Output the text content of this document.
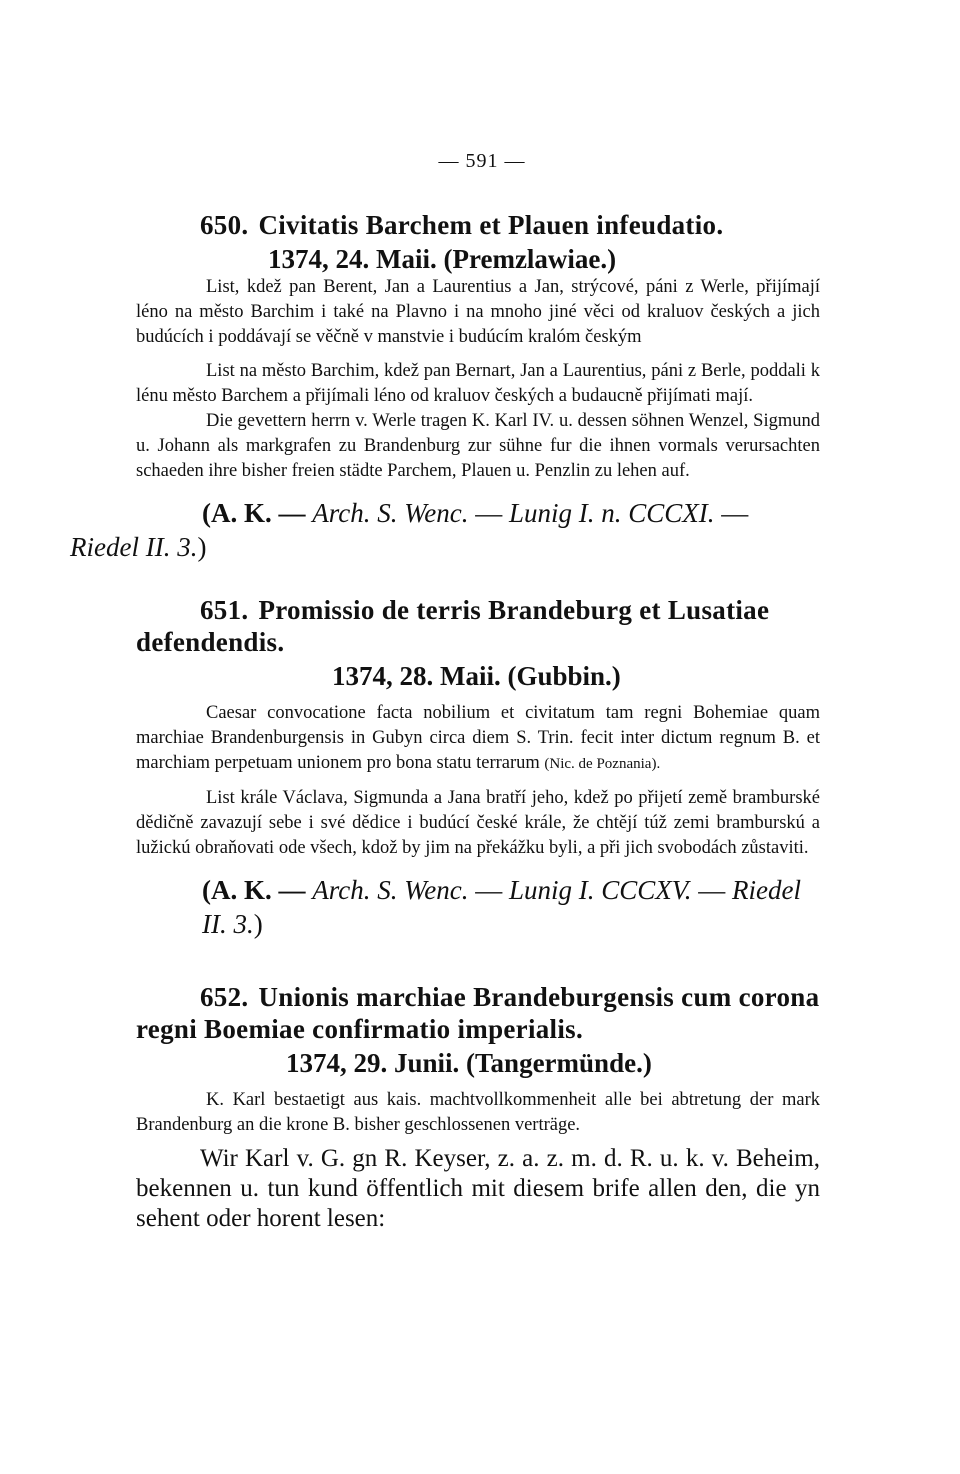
— 591 —
650. Civitatis Barchem et Plauen infeudatio.
1374, 24. Maii. (Premzlawiae.)

List, kdež pan Berent, Jan a Laurentius a Jan, strýcové, páni z Werle, přijímají léno na město Barchim i také na Plavno i na mnoho jiné věci od kraluov českých a jich budúcích i poddávají se věčně v manstvie i budúcím kralóm českým

List na město Barchim, kdež pan Bernart, Jan a Laurentius, páni z Berle, poddali k lénu město Barchem a přijímali léno od kraluov českých a budaucně přijímati mají.

Die gevettern herrn v. Werle tragen K. Karl IV. u. dessen söhnen Wenzel, Sigmund u. Johann als markgrafen zu Brandenburg zur sühne fur die ihnen vormals verursachten schaeden ihre bisher freien städte Parchem, Plauen u. Penzlin zu lehen auf.

(A. K. — Arch. S. Wenc. — Lunig I. n. CCCXI. —
Riedel II. 3.)
651. Promissio de terris Brandeburg et Lusatiae defendendis.
1374, 28. Maii. (Gubbin.)

Caesar convocatione facta nobilium et civitatum tam regni Bohemiae quam marchiae Brandenburgensis in Gubyn circa diem S. Trin. fecit inter dictum regnum B. et marchiam perpetuam unionem pro bona statu terrarum (Nic. de Poznania).

List krále Václava, Sigmunda a Jana bratří jeho, kdež po přijetí země bramburské dědičně zavazují sebe i své dědice i budúcí české krále, že chtějí túž zemi bramburskú a lužickú obraňovati ode všech, kdož by jim na překážku byli, a při jich svobodách zůstaviti.

(A. K. — Arch. S. Wenc. — Lunig I. CCCXV. — Riedel II. 3.)
652. Unionis marchiae Brandeburgensis cum corona regni Boemiae confirmatio imperialis.
1374, 29. Junii. (Tangermünde.)

K. Karl bestaetigt aus kais. machtvollkommenheit alle bei abtretung der mark Brandenburg an die krone B. bisher geschlossenen verträge.

Wir Karl v. G. gn R. Keyser, z. a. z. m. d. R. u. k. v. Beheim, bekennen u. tun kund öffentlich mit diesem brife allen den, die yn sehent oder horent lesen:
